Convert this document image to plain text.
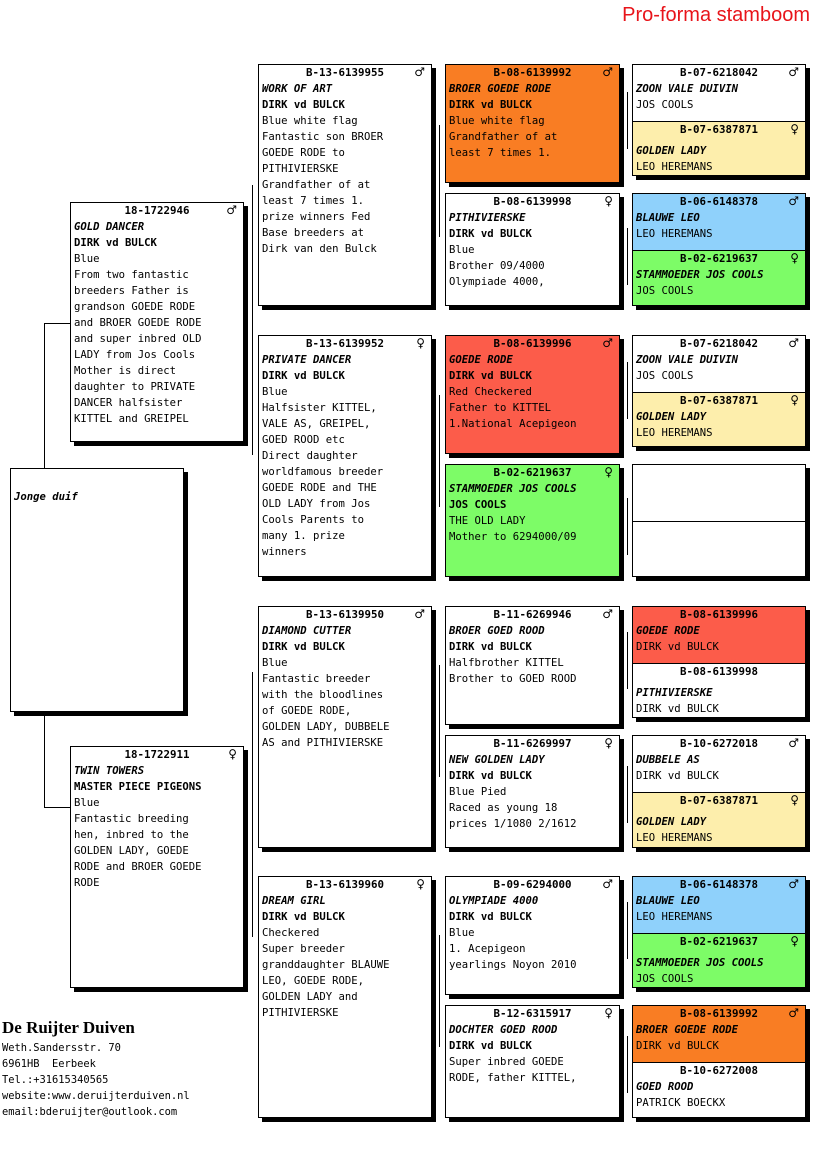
Pro-forma stamboom
Jonge duif
18-1722946	♂
GOLD DANCER
DIRK vd BULCK
Blue
From two fantastic
breeders Father is
grandson GOEDE RODE
and BROER GOEDE RODE
and super inbred OLD
LADY from Jos Cools
Mother is direct
daughter to PRIVATE
DANCER halfsister
KITTEL and GREIPEL
18-1722911	♀
TWIN TOWERS
MASTER PIECE PIGEONS
Blue
Fantastic breeding
hen, inbred to the
GOLDEN LADY, GOEDE
RODE and BROER GOEDE
RODE
B-13-6139955	♂
WORK OF ART
DIRK vd BULCK
Blue white flag
Fantastic son BROER
GOEDE RODE to
PITHIVIERSKE
Grandfather of at
least 7 times 1.
prize winners Fed
Base breeders at
Dirk van den Bulck
B-13-6139952	♀
PRIVATE DANCER
DIRK vd BULCK
Blue
Halfsister KITTEL,
VALE AS, GREIPEL,
GOED ROOD etc
Direct daughter
worldfamous breeder
GOEDE RODE and THE
OLD LADY from Jos
Cools Parents to
many 1. prize
winners
B-13-6139950	♂
DIAMOND CUTTER
DIRK vd BULCK
Blue
Fantastic breeder
with the bloodlines
of GOEDE RODE,
GOLDEN LADY, DUBBELE
AS and PITHIVIERSKE
B-13-6139960	♀
DREAM GIRL
DIRK vd BULCK
Checkered
Super breeder
granddaughter BLAUWE
LEO, GOEDE RODE,
GOLDEN LADY and
PITHIVIERSKE
B-08-6139992	♂
BROER GOEDE RODE
DIRK vd BULCK
Blue white flag
Grandfather of at
least 7 times 1.
B-08-6139998	♀
PITHIVIERSKE
DIRK vd BULCK
Blue
Brother 09/4000
Olympiade 4000,
B-08-6139996	♂
GOEDE RODE
DIRK vd BULCK
Red Checkered
Father to KITTEL
1.National Acepigeon
B-02-6219637	♀
STAMMOEDER JOS COOLS
JOS COOLS
THE OLD LADY
Mother to 6294000/09
B-11-6269946	♂
BROER GOED ROOD
DIRK vd BULCK
Halfbrother KITTEL
Brother to GOED ROOD
B-11-6269997	♀
NEW GOLDEN LADY
DIRK vd BULCK
Blue Pied
Raced as young 18
prices 1/1080 2/1612
B-09-6294000	♂
OLYMPIADE 4000
DIRK vd BULCK
Blue
1. Acepigeon
yearlings Noyon 2010
B-12-6315917	♀
DOCHTER GOED ROOD
DIRK vd BULCK
Super inbred GOEDE
RODE, father KITTEL,
B-07-6218042	♂
ZOON VALE DUIVIN
JOS COOLS
B-07-6387871	♀
GOLDEN LADY
LEO HEREMANS
B-06-6148378	♂
BLAUWE LEO
LEO HEREMANS
B-02-6219637	♀
STAMMOEDER JOS COOLS
JOS COOLS
B-07-6218042	♂
ZOON VALE DUIVIN
JOS COOLS
B-07-6387871	♀
GOLDEN LADY
LEO HEREMANS
B-08-6139996
GOEDE RODE
DIRK vd BULCK
B-08-6139998
PITHIVIERSKE
DIRK vd BULCK
B-10-6272018	♂
DUBBELE AS
DIRK vd BULCK
B-07-6387871	♀
GOLDEN LADY
LEO HEREMANS
B-06-6148378	♂
BLAUWE LEO
LEO HEREMANS
B-02-6219637	♀
STAMMOEDER JOS COOLS
JOS COOLS
B-08-6139992	♂
BROER GOEDE RODE
DIRK vd BULCK
B-10-6272008
GOED ROOD
PATRICK BOECKX
De Ruijter Duiven
Weth.Sandersstr. 70
6961HB  Eerbeek
Tel.:+31615340565
website:www.deruijterduiven.nl
email:bderuijter@outlook.com
